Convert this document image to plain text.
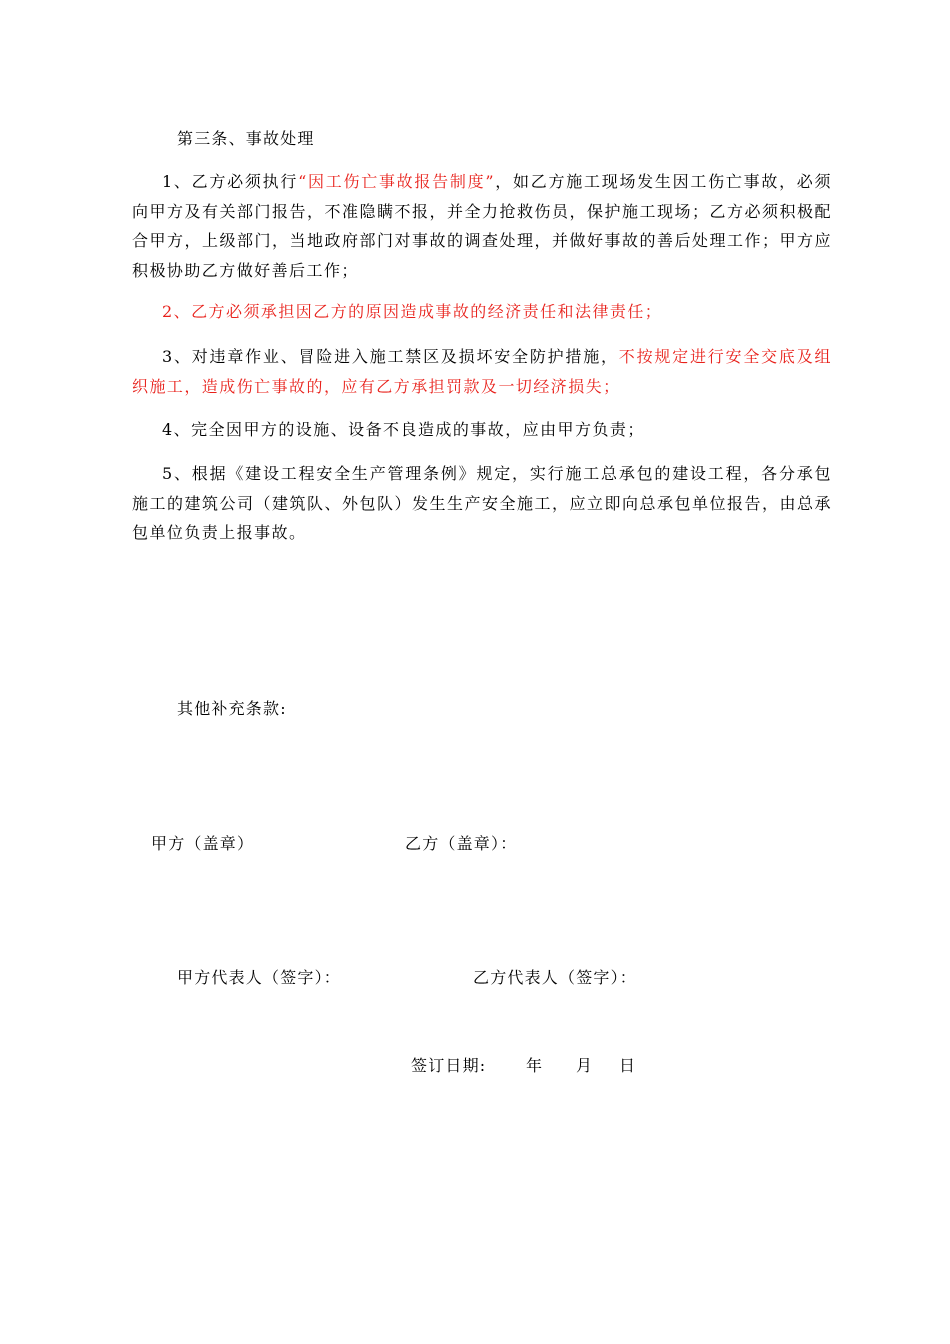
第三条、事故处理
1、乙方必须执行“因工伤亡事故报告制度”，如乙方施工现场发生因工伤亡事故，必须向甲方及有关部门报告，不准隐瞒不报，并全力抢救伤员，保护施工现场；乙方必须积极配合甲方，上级部门，当地政府部门对事故的调查处理，并做好事故的善后处理工作；甲方应积极协助乙方做好善后工作；
2、乙方必须承担因乙方的原因造成事故的经济责任和法律责任；
3、对违章作业、冒险进入施工禁区及损坏安全防护措施，不按规定进行安全交底及组织施工，造成伤亡事故的，应有乙方承担罚款及一切经济损失；
4、完全因甲方的设施、设备不良造成的事故，应由甲方负责；
5、根据《建设工程安全生产管理条例》规定，实行施工总承包的建设工程，各分承包施工的建筑公司（建筑队、外包队）发生生产安全施工，应立即向总承包单位报告，由总承包单位负责上报事故。
其他补充条款:
甲方（盖章）	乙方（盖章）：
甲方代表人（签字）：	乙方代表人（签字）：
签订日期: 年 月 日
